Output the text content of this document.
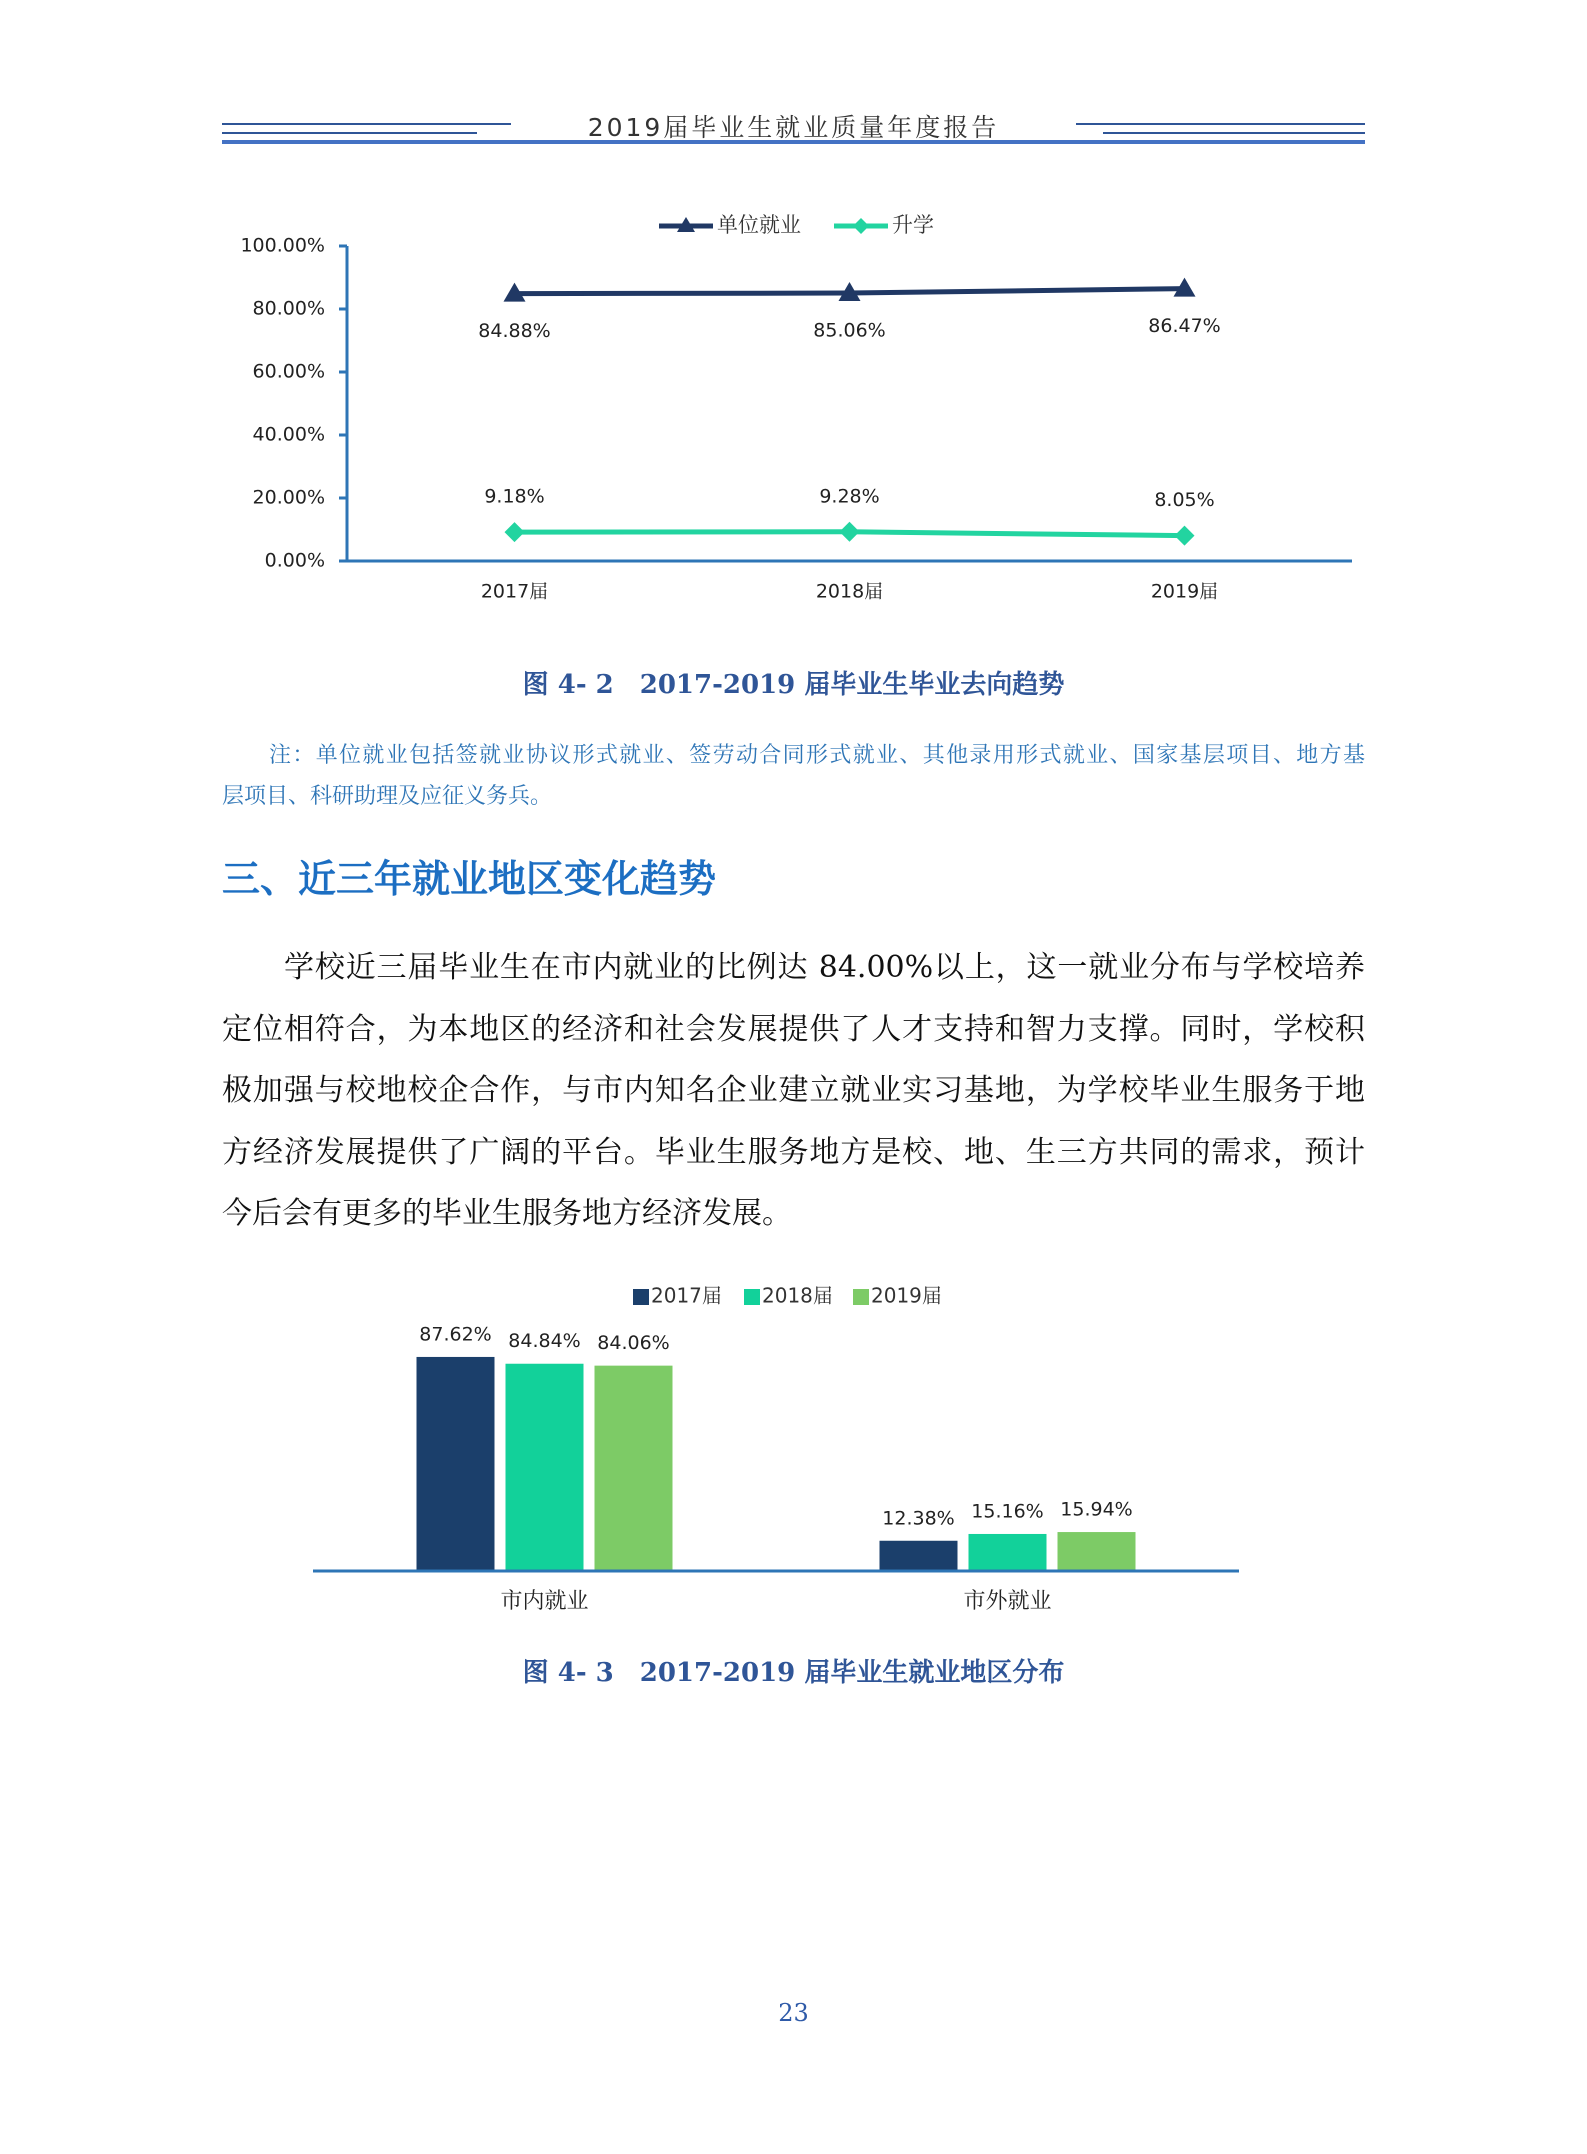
2019届毕业生就业质量年度报告
单位就业	升学
0.00%
20.00%
40.00%
60.00%
80.00%
100.00%
2017届	2018届	2019届
84.88%	85.06%	86.47%
9.18%	9.28%	8.05%
图 4- 2 2017-2019 届毕业生毕业去向趋势
注：单位就业包括签就业协议形式就业、签劳动合同形式就业、其他录用形式就业、国家基层项目、地方基
层项目、科研助理及应征义务兵。
三、近三年就业地区变化趋势
学校近三届毕业生在市内就业的比例达 84.00%以上，这一就业分布与学校培养
定位相符合，为本地区的经济和社会发展提供了人才支持和智力支撑。同时，学校积
极加强与校地校企合作，与市内知名企业建立就业实习基地，为学校毕业生服务于地
方经济发展提供了广阔的平台。毕业生服务地方是校、地、生三方共同的需求，预计
今后会有更多的毕业生服务地方经济发展。
2017届 2018届 2019届
87.62%
12.38%
84.84%
15.16%
84.06%
15.94%
市内就业	市外就业
图 4- 3 2017-2019 届毕业生就业地区分布
23
